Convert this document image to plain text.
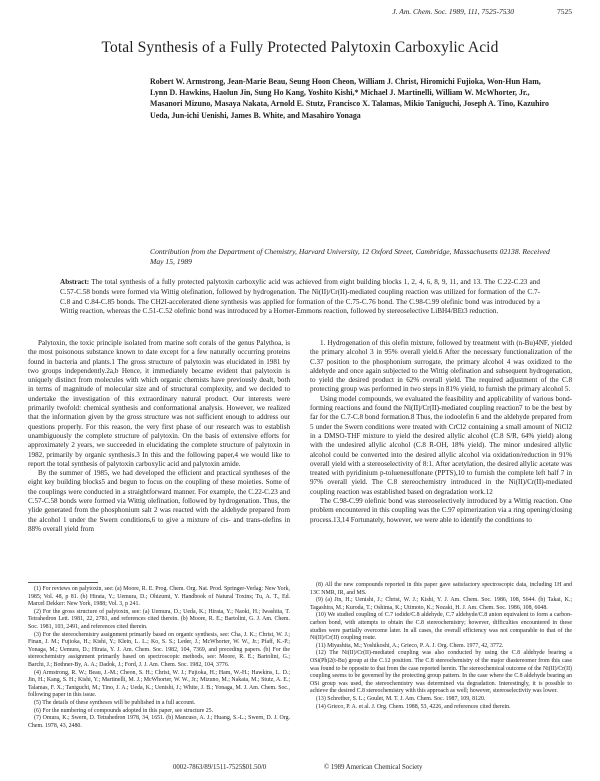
J. Am. Chem. Soc. 1989, 111, 7525-7530	7525
Total Synthesis of a Fully Protected Palytoxin Carboxylic Acid
Robert W. Armstrong, Jean-Marie Beau, Seung Hoon Cheon, William J. Christ, Hiromichi Fujioka, Won-Hun Ham, Lynn D. Hawkins, Haolun Jin, Sung Ho Kang, Yoshito Kishi,* Michael J. Martinelli, William W. McWhorter, Jr., Masanori Mizuno, Masaya Nakata, Arnold E. Stutz, Francisco X. Talamas, Mikio Taniguchi, Joseph A. Tino, Kazuhiro Ueda, Jun-ichi Uenishi, James B. White, and Masahiro Yonaga
Contribution from the Department of Chemistry, Harvard University, 12 Oxford Street, Cambridge, Massachusetts 02138. Received May 15, 1989
Abstract: The total synthesis of a fully protected palytoxin carboxylic acid was achieved from eight building blocks 1, 2, 4, 6, 8, 9, 11, and 13. The C.22-C.23 and C.57-C.58 bonds were formed via Wittig olefination, followed by hydrogenation. The Ni(II)/Cr(II)-mediated coupling reaction was utilized for formation of the C.7-C.8 and C.84-C.85 bonds. The CH2I-accelerated diene synthesis was applied for formation of the C.75-C.76 bond. The C.98-C.99 olefinic bond was introduced by a Wittig reaction, whereas the C.51-C.52 olefinic bond was introduced by a Horner-Emmons reaction, followed by stereoselective LiBH4/BEt3 reduction.

Palytoxin, the toxic principle isolated from marine soft corals of the genus Palythoa, is the most poisonous substance known to date except for a few naturally occurring proteins found in bacteria and plants.1 The gross structure of palytoxin was elucidated in 1981 by two groups independently.2a,b Hence, it immediately became evident that palytoxin is uniquely distinct from molecules with which organic chemists have previously dealt, both in terms of magnitude of molecular size and of structural complexity, and we decided to undertake the investigation of this extraordinary natural product. Our interests were primarily twofold: chemical synthesis and conformational analysis. However, we realized that the information given by the gross structure was not sufficient enough to address our questions properly. For this reason, the very first phase of our research was to establish unambiguously the complete structure of palytoxin. On the basis of extensive efforts for approximately 2 years, we succeeded in elucidating the complete structure of palytoxin in 1982, primarily by organic synthesis.3 In this and the following paper,4 we would like to report the total synthesis of palytoxin carboxylic acid and palytoxin amide.

By the summer of 1985, we had developed the efficient and practical syntheses of the eight key building blocks5 and begun to focus on the coupling of these moieties. Some of the couplings were conducted in a straightforward manner. For example, the C.22-C.23 and C.57-C.58 bonds were formed via Wittig olefination, followed by hydrogenation. Thus, the ylide generated from the phosphonium salt 2 was reacted with the aldehyde prepared from the alcohol 1 under the Swern conditions,6 to give a mixture of cis- and trans-olefins in 88% overall yield from

1. Hydrogenation of this olefin mixture, followed by treatment with (n-Bu)4NF, yielded the primary alcohol 3 in 95% overall yield.6 After the necessary functionalization of the C.37 position to the phosphonium surrogate, the primary alcohol 4 was oxidized to the aldehyde and once again subjected to the Wittig olefination and subsequent hydrogenation, to yield the desired product in 62% overall yield. The required adjustment of the C.8 protecting group was performed in two steps in 81% yield, to furnish the primary alcohol 5.

Using model compounds, we evaluated the feasibility and applicability of various bond-forming reactions and found the Ni(II)/Cr(II)-mediated coupling reaction7 to be the best by far for the C.7-C.8 bond formation.8 Thus, the iodoolefin 6 and the aldehyde prepared from 5 under the Swern conditions were treated with CrCl2 containing a small amount of NiCl2 in a DMSO-THF mixture to yield the desired allylic alcohol (C.8 S/R, 64% yield) along with the undesired allylic alcohol (C.8 R-OH, 18% yield). The minor undesired allylic alcohol could be converted into the desired allylic alcohol via oxidation/reduction in 91% overall yield with a stereoselectivity of 8:1. After acetylation, the desired allylic acetate was treated with pyridinium p-toluenesulfonate (PPTS),10 to furnish the complete left half 7 in 97% overall yield. The C.8 stereochemistry introduced in the Ni(II)/Cr(II)-mediated coupling reaction was established based on degradation work.12

The C.98-C.99 olefinic bond was stereoselectively introduced by a Wittig reaction. One problem encountered in this coupling was the C.97 epimerization via a ring opening/closing process.13,14 Fortunately, however, we were able to identify the conditions to

(1) For reviews on palytoxin, see: (a) Moore, R. E. Prog. Chem. Org. Nat. Prod. Springer-Verlag: New York, 1985; Vol. 48, p 81. (b) Hirata, Y.; Uemura, D.; Ohizumi, Y. Handbook of Natural Toxins; Tu, A. T., Ed. Marcel Dekker: New York, 1988; Vol. 3, p 241.

(2) For the gross structure of palytoxin, see: (a) Uemura, D.; Ueda, K.; Hirata, Y.; Naoki, H.; Iwashita, T. Tetrahedron Lett. 1981, 22, 2781, and references cited therein. (b) Moore, R. E.; Bartolini, G. J. Am. Chem. Soc. 1981, 103, 2491, and references cited therein.

(3) For the stereochemistry assignment primarily based on organic synthesis, see: Cha, J. K.; Christ, W. J.; Finan, J. M.; Fujioka, H.; Kishi, Y.; Klein, L. L.; Ko, S. S.; Leder, J.; McWhorter, W. W., Jr.; Pfaff, K.-P.; Yonaga, M.; Uemura, D.; Hirata, Y. J. Am. Chem. Soc. 1982, 104, 7369, and preceding papers. (b) For the stereochemistry assignment primarily based on spectroscopic methods, see: Moore, R. E.; Bartolini, G.; Barchi, J.; Bothner-By, A. A.; Dadok, J.; Ford, J. J. Am. Chem. Soc. 1982, 104, 3776.

(4) Armstrong, R. W.; Beau, J.-M.; Cheon, S. H.; Christ, W. J.; Fujioka, H.; Ham, W.-H.; Hawkins, L. D.; Jin, H.; Kang, S. H.; Kishi, Y.; Martinelli, M. J.; McWhorter, W. W., Jr.; Mizuno, M.; Nakata, M.; Stutz, A. E.; Talamas, F. X.; Taniguchi, M.; Tino, J. A.; Ueda, K.; Uenishi, J.; White, J. B.; Yonaga, M. J. Am. Chem. Soc., following paper in this issue.

(5) The details of these syntheses will be published in a full account.

(6) For the numbering of compounds adopted in this paper, see structure 25.

(7) Omura, K.; Swern, D. Tetrahedron 1978, 34, 1651. (b) Mancuso, A. J.; Huang, S.-L.; Swern, D. J. Org. Chem. 1978, 43, 2480.

(8) All the new compounds reported in this paper gave satisfactory spectroscopic data, including 1H and 13C NMR, IR, and MS.

(9) (a) Jin, H.; Uenishi, J.; Christ, W. J.; Kishi, Y. J. Am. Chem. Soc. 1986, 108, 5644. (b) Takai, K.; Tagashira, M.; Kuroda, T.; Oshima, K.; Utimoto, K.; Nozaki, H. J. Am. Chem. Soc. 1986, 108, 6048.

(10) We studied coupling of C.7 iodide/C.8 aldehyde, C.7 aldehyde/C.8 anion equivalent to form a carbon-carbon bond, with attempts to obtain the C.8 stereochemistry; however, difficulties encountered in these studies were partially overcome later. In all cases, the overall efficiency was not comparable to that of the Ni(II)/Cr(II) coupling route.

(11) Miyashita, M.; Yoshikoshi, A.; Grieco, P. A. J. Org. Chem. 1977, 42, 3772.

(12) The Ni(II)/Cr(II)-mediated coupling was also conducted by using the C.8 aldehyde bearing a OSi(Ph)2(t-Bu) group at the C.12 position. The C.8 stereochemistry of the major diastereomer from this case was found to be opposite to that from the case reported herein. The stereochemical outcome of the Ni(II)/Cr(II) coupling seems to be governed by the protecting group pattern. In the case where the C.8 aldehyde bearing an OSi group was used, the stereochemistry was determined via degradation. Interestingly, it is possible to achieve the desired C.8 stereochemistry with this approach as well; however, stereoselectivity was lower.

(13) Schreiber, S. L.; Goulet, M. T. J. Am. Chem. Soc. 1987, 109, 8120.

(14) Grieco, P. A. et al. J. Org. Chem. 1988, 53, 4226, and references cited therein.

0002-7863/89/1511-7525$01.50/0	© 1989 American Chemical Society
